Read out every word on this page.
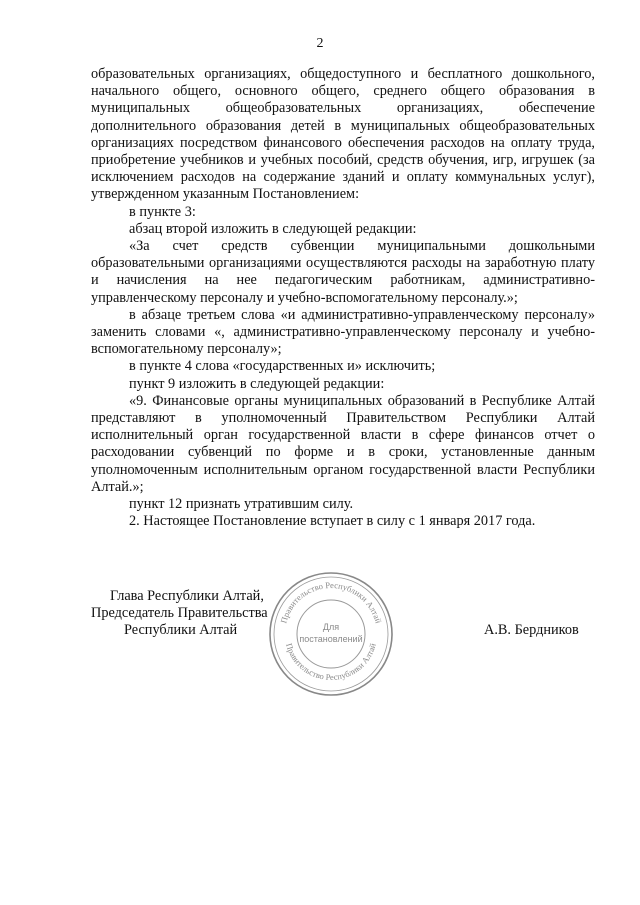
2

образовательных организациях, общедоступного и бесплатного дошкольного, начального общего, основного общего, среднего общего образования в муниципальных общеобразовательных организациях, обеспечение дополнительного образования детей в муниципальных общеобразовательных организациях посредством финансового обеспечения расходов на оплату труда, приобретение учебников и учебных пособий, средств обучения, игр, игрушек (за исключением расходов на содержание зданий и оплату коммунальных услуг), утвержденном указанным Постановлением:

в пункте 3:

абзац второй изложить в следующей редакции:

«За счет средств субвенции муниципальными дошкольными образовательными организациями осуществляются расходы на заработную плату и начисления на нее педагогическим работникам, административно-управленческому персоналу и учебно-вспомогательному персоналу.»;

в абзаце третьем слова «и административно-управленческому персоналу» заменить словами «, административно-управленческому персоналу и учебно-вспомогательному персоналу»;

в пункте 4 слова «государственных и» исключить;

пункт 9 изложить в следующей редакции:

«9. Финансовые органы муниципальных образований в Республике Алтай представляют в уполномоченный Правительством Республики Алтай исполнительный орган государственной власти в сфере финансов отчет о расходовании субвенций по форме и в сроки, установленные данным уполномоченным исполнительным органом государственной власти Республики Алтай.»;

пункт 12 признать утратившим силу.

2. Настоящее Постановление вступает в силу с 1 января 2017 года.

Глава Республики Алтай,
Председатель Правительства
Республики Алтай	А.В. Бердников
Правительство Республики Алтай
Правительство Республики Алтай
Для
постановлений
